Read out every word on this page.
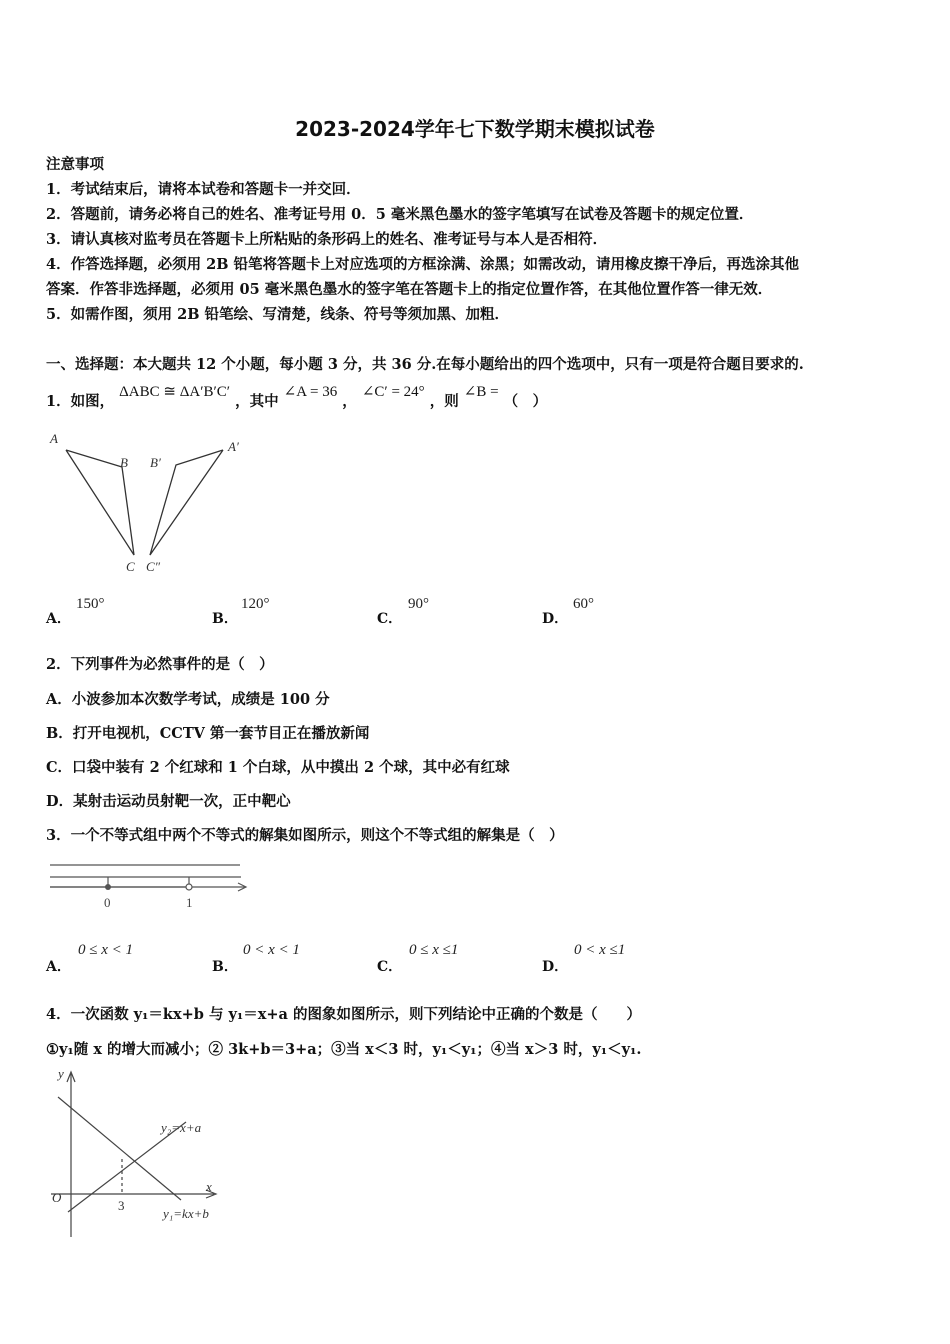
2023-2024学年七下数学期末模拟试卷
注意事项
1．考试结束后，请将本试卷和答题卡一并交回．
2．答题前，请务必将自己的姓名、准考证号用 0．5 毫米黑色墨水的签字笔填写在试卷及答题卡的规定位置．
3．请认真核对监考员在答题卡上所粘贴的条形码上的姓名、准考证号与本人是否相符．
4．作答选择题，必须用 2B 铅笔将答题卡上对应选项的方框涂满、涂黑；如需改动，请用橡皮擦干净后，再选涂其他
答案．作答非选择题，必须用 05 毫米黑色墨水的签字笔在答题卡上的指定位置作答，在其他位置作答一律无效．
5．如需作图，须用 2B 铅笔绘、写清楚，线条、符号等须加黑、加粗．
一、选择题：本大题共 12 个小题，每小题 3 分，共 36 分.在每小题给出的四个选项中，只有一项是符合题目要求的.
1．如图， ΔABC ≅ ΔA′B′C′ ，其中 ∠A = 36 ， ∠C′ = 24° ，则 ∠B = （　）
A
B
C
A′
B′
C″
A．
150°
B．
120°
C．
90°
D．
60°
2．下列事件为必然事件的是（　）
A．小波参加本次数学考试，成绩是 100 分
B．打开电视机，CCTV 第一套节目正在播放新闻
C．口袋中装有 2 个红球和 1 个白球，从中摸出 2 个球，其中必有红球
D．某射击运动员射靶一次，正中靶心
3．一个不等式组中两个不等式的解集如图所示，则这个不等式组的解集是（　）
0	1
A．
0 ≤ x < 1
B．
0 < x < 1
C．
0 ≤ x ≤1
D．
0 < x ≤1
4．一次函数 y₁＝kx+b 与 y₁＝x+a 的图象如图所示，则下列结论中正确的个数是（　　）
①y₁随 x 的增大而减小；② 3k+b＝3+a；③当 x＜3 时，y₁＜y₁；④当 x＞3 时，y₁＜y₁.
y
x
O
3
y₂=x+a
y₁=kx+b
